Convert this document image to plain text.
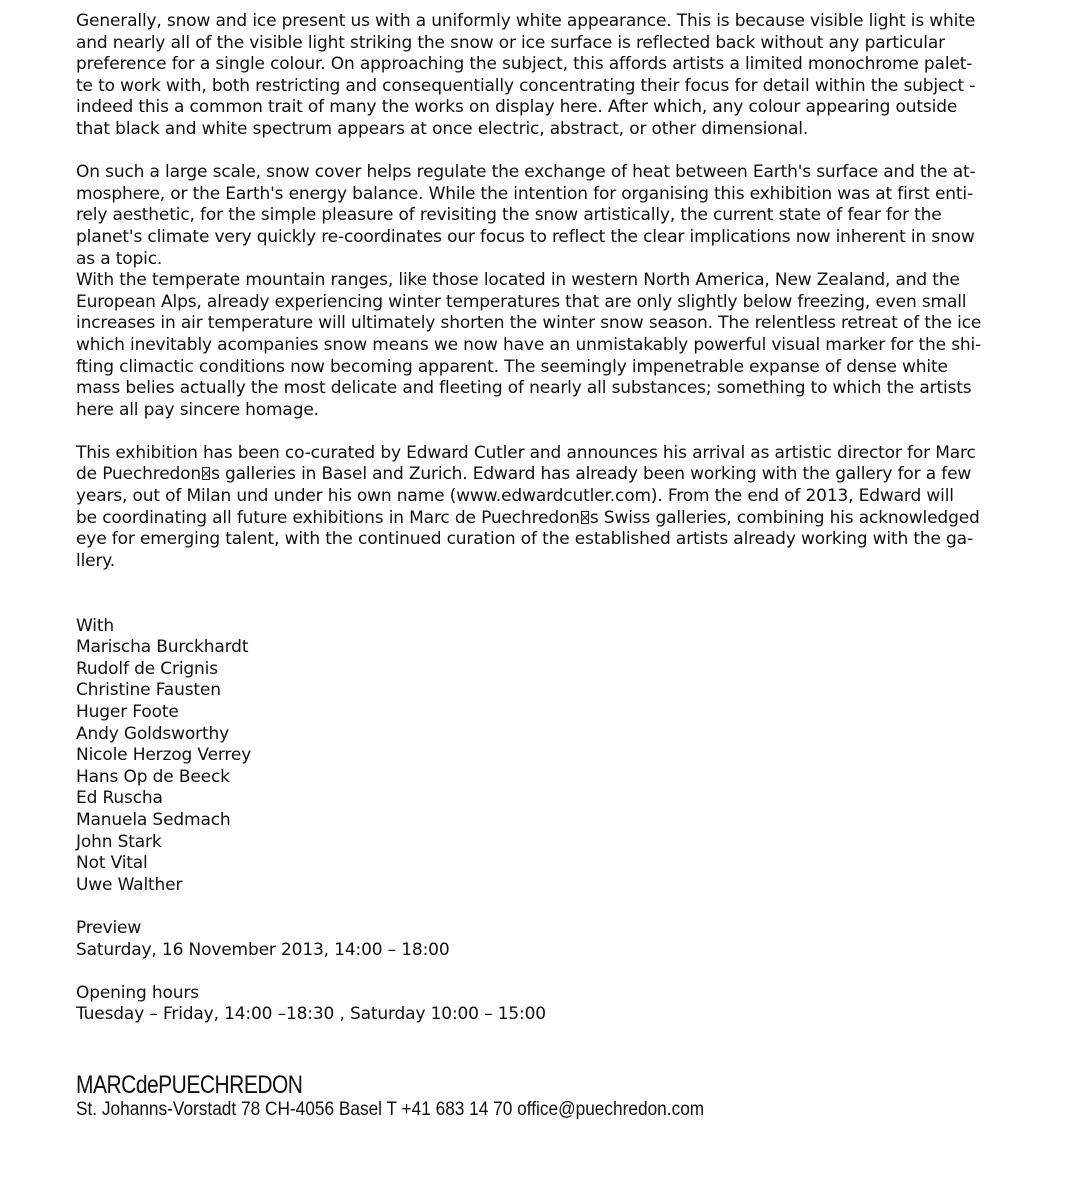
Generally, snow and ice present us with a uniformly white appearance. This is because visible light is white
and nearly all of the visible light striking the snow or ice surface is reflected back without any particular
preference for a single colour. On approaching the subject, this affords artists a limited monochrome palet-
te to work with, both restricting and consequentially concentrating their focus for detail within the subject -
indeed this a common trait of many the works on display here. After which, any colour appearing outside
that black and white spectrum appears at once electric, abstract, or other dimensional.
On such a large scale, snow cover helps regulate the exchange of heat between Earth's surface and the at-
mosphere, or the Earth's energy balance. While the intention for organising this exhibition was at first enti-
rely aesthetic, for the simple pleasure of revisiting the snow artistically, the current state of fear for the
planet's climate very quickly re-coordinates our focus to reflect the clear implications now inherent in snow
as a topic.
With the temperate mountain ranges, like those located in western North America, New Zealand, and the
European Alps, already experiencing winter temperatures that are only slightly below freezing, even small
increases in air temperature will ultimately shorten the winter snow season. The relentless retreat of the ice
which inevitably acompanies snow means we now have an unmistakably powerful visual marker for the shi-
fting climactic conditions now becoming apparent. The seemingly impenetrable expanse of dense white
mass belies actually the most delicate and fleeting of nearly all substances; something to which the artists
here all pay sincere homage.
This exhibition has been co-curated by Edward Cutler and announces his arrival as artistic director for Marc
de Puechredon s galleries in Basel and Zurich. Edward has already been working with the gallery for a few
years, out of Milan und under his own name (www.edwardcutler.com). From the end of 2013, Edward will
be coordinating all future exhibitions in Marc de Puechredon s Swiss galleries, combining his acknowledged
eye for emerging talent, with the continued curation of the established artists already working with the ga-
llery.
With
Marischa Burckhardt
Rudolf de Crignis
Christine Fausten
Huger Foote
Andy Goldsworthy
Nicole Herzog Verrey
Hans Op de Beeck
Ed Ruscha
Manuela Sedmach
John Stark
Not Vital
Uwe Walther
Preview
Saturday, 16 November 2013, 14:00 – 18:00
Opening hours
Tuesday – Friday, 14:00 –18:30 , Saturday 10:00 – 15:00
MARCdePUECHREDON
St. Johanns-Vorstadt 78 CH-4056 Basel T +41 683 14 70 office@puechredon.com
